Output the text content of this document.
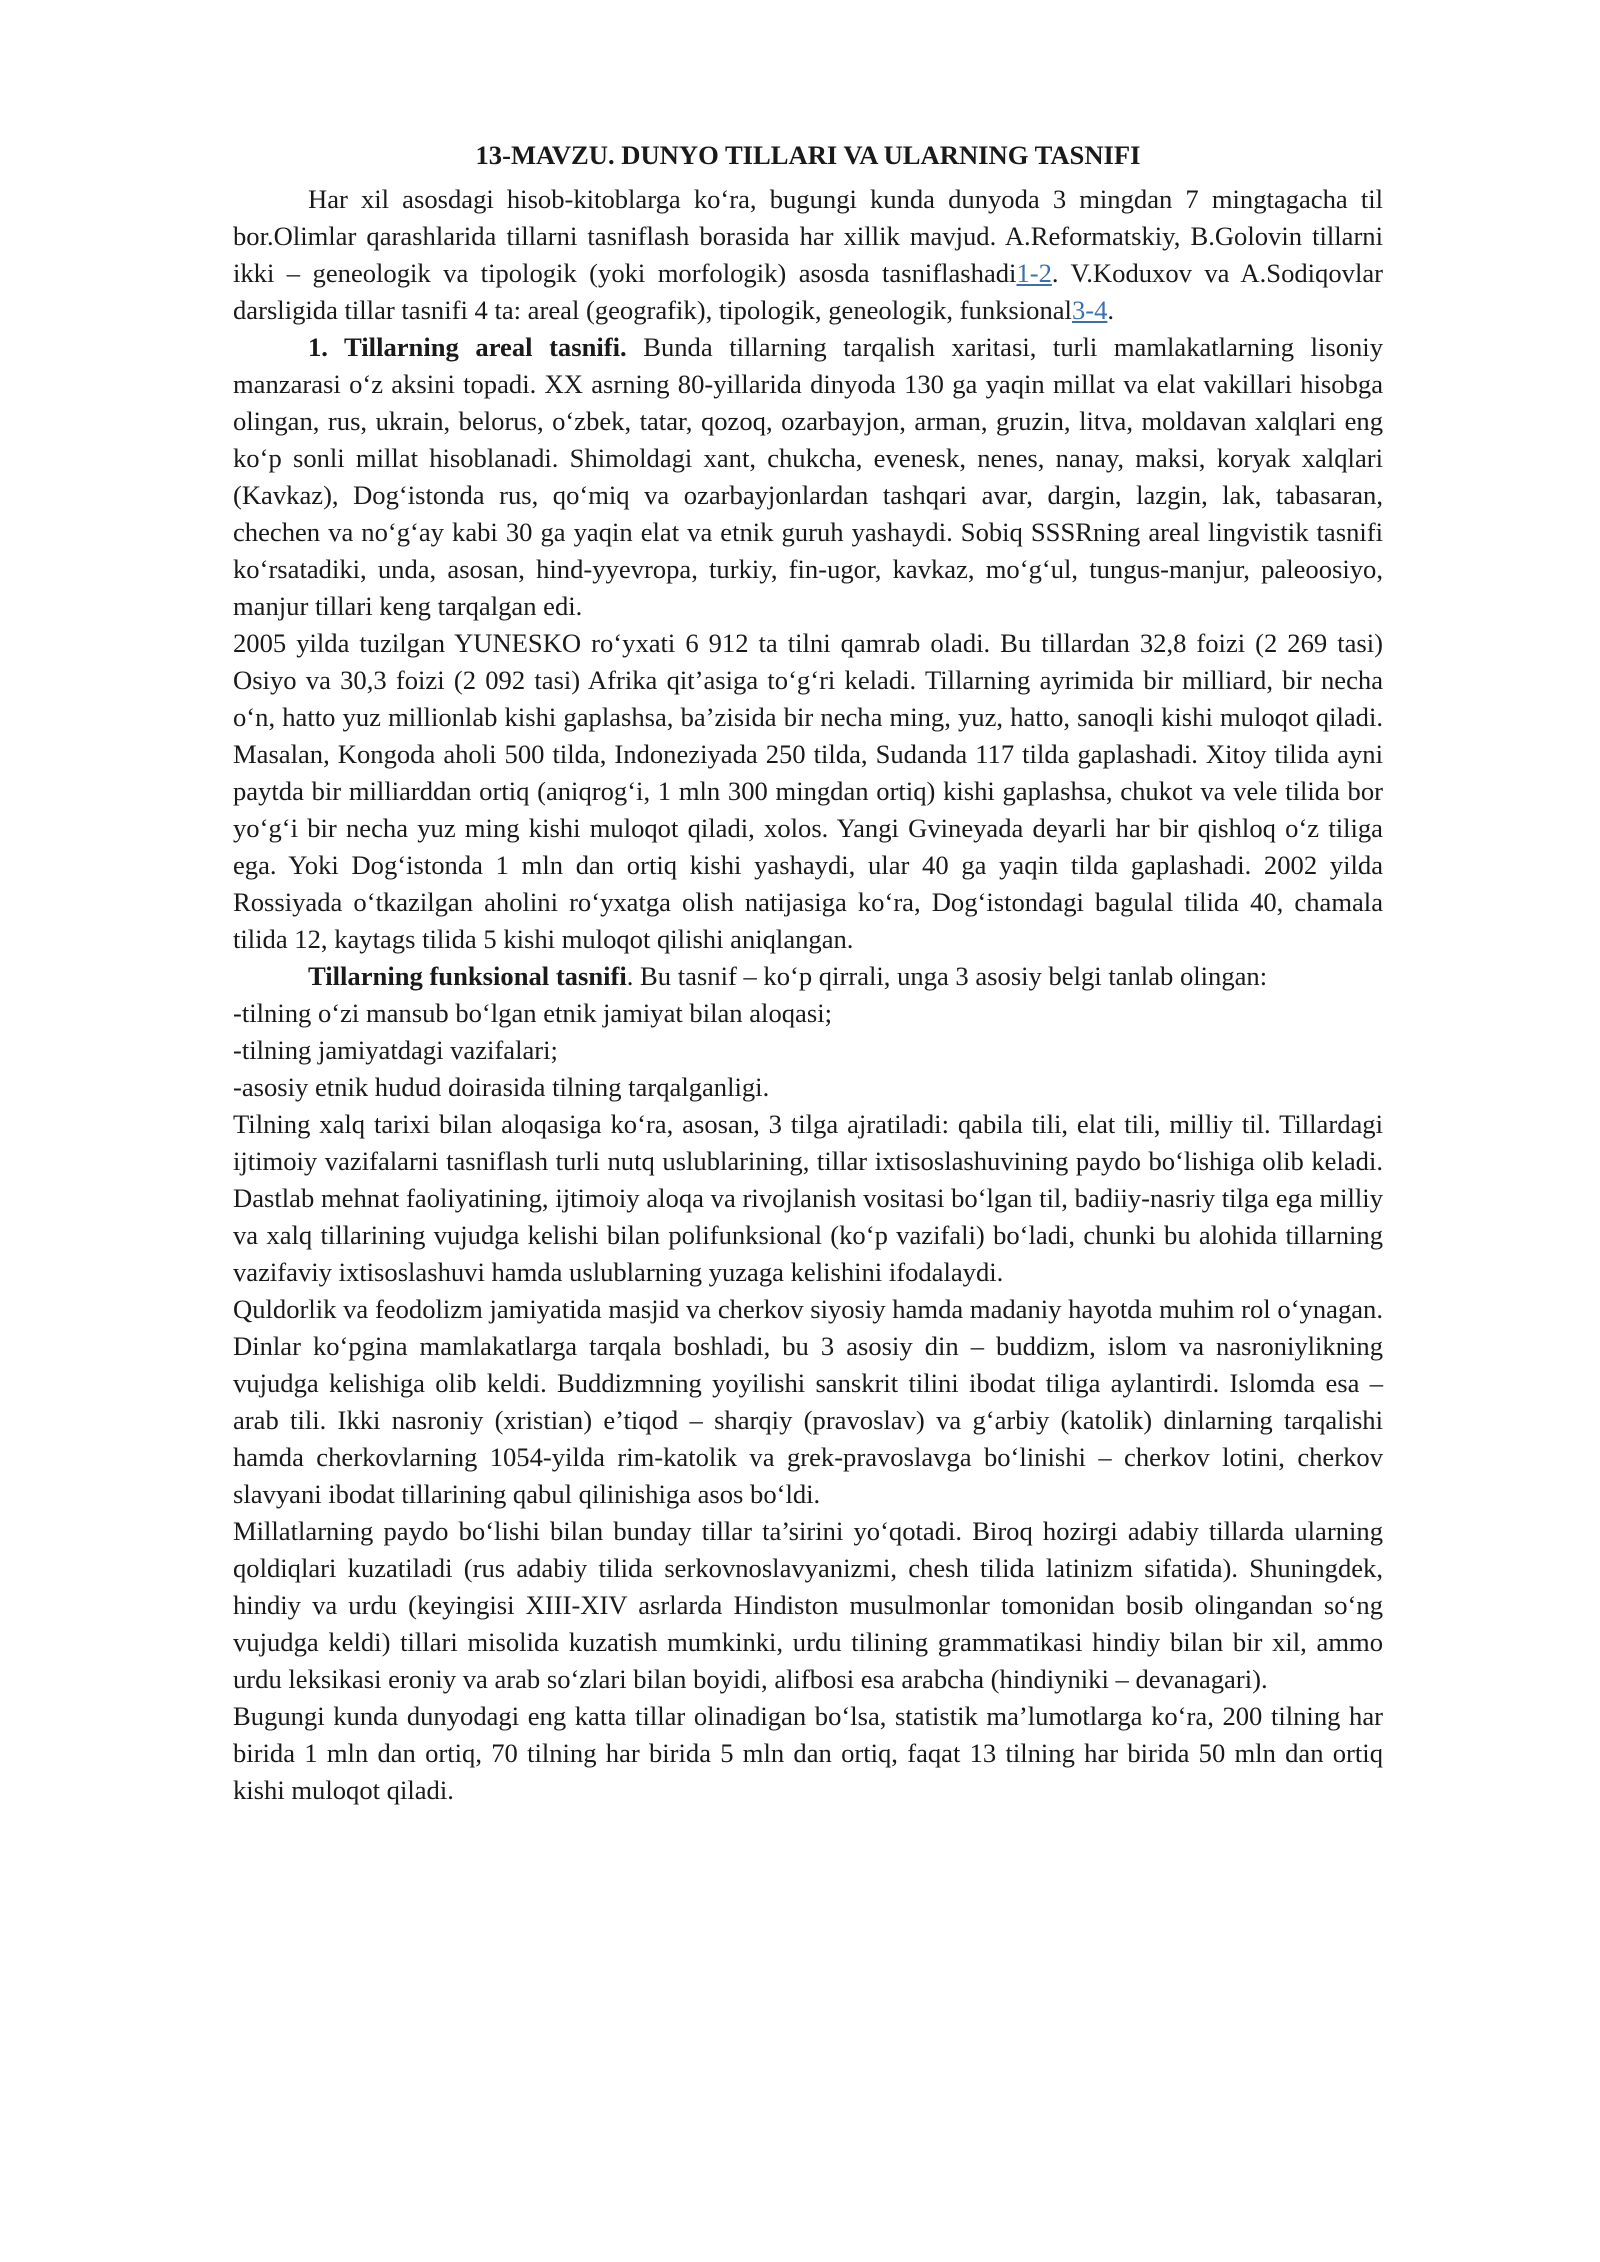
13-MAVZU. DUNYO TILLARI VA ULARNING TASNIFI

Har xil asosdagi hisob-kitoblarga ko‘ra, bugungi kunda dunyoda 3 mingdan 7 mingtagacha til bor.Olimlar qarashlarida tillarni tasniflash borasida har xillik mavjud. A.Reformatskiy, B.Golovin tillarni ikki – geneologik va tipologik (yoki morfologik) asosda tasniflashadi1-2. V.Koduxov va A.Sodiqovlar darsligida tillar tasnifi 4 ta: areal (geografik), tipologik, geneologik, funksional3-4.

1. Tillarning areal tasnifi. Bunda tillarning tarqalish xaritasi, turli mamlakatlarning lisoniy manzarasi o‘z aksini topadi. XX asrning 80-yillarida dinyoda 130 ga yaqin millat va elat vakillari hisobga olingan, rus, ukrain, belorus, o‘zbek, tatar, qozoq, ozarbayjon, arman, gruzin, litva, moldavan xalqlari eng ko‘p sonli millat hisoblanadi. Shimoldagi xant, chukcha, evenesk, nenes, nanay, maksi, koryak xalqlari (Kavkaz), Dog‘istonda rus, qo‘miq va ozarbayjonlardan tashqari avar, dargin, lazgin, lak, tabasaran, chechen va no‘g‘ay kabi 30 ga yaqin elat va etnik guruh yashaydi. Sobiq SSSRning areal lingvistik tasnifi ko‘rsatadiki, unda, asosan, hind-yyevropa, turkiy, fin-ugor, kavkaz, mo‘g‘ul, tungus-manjur, paleoosiyo, manjur tillari keng tarqalgan edi.

2005 yilda tuzilgan YUNESKO ro‘yxati 6 912 ta tilni qamrab oladi. Bu tillardan 32,8 foizi (2 269 tasi) Osiyo va 30,3 foizi (2 092 tasi) Afrika qit’asiga to‘g‘ri keladi. Tillarning ayrimida bir milliard, bir necha o‘n, hatto yuz millionlab kishi gaplashsa, ba’zisida bir necha ming, yuz, hatto, sanoqli kishi muloqot qiladi. Masalan, Kongoda aholi 500 tilda, Indoneziyada 250 tilda, Sudanda 117 tilda gaplashadi. Xitoy tilida ayni paytda bir milliarddan ortiq (aniqrog‘i, 1 mln 300 mingdan ortiq) kishi gaplashsa, chukot va vele tilida bor yo‘g‘i bir necha yuz ming kishi muloqot qiladi, xolos. Yangi Gvineyada deyarli har bir qishloq o‘z tiliga ega. Yoki Dog‘istonda 1 mln dan ortiq kishi yashaydi, ular 40 ga yaqin tilda gaplashadi. 2002 yilda Rossiyada o‘tkazilgan aholini ro‘yxatga olish natijasiga ko‘ra, Dog‘istondagi bagulal tilida 40, chamala tilida 12, kaytags tilida 5 kishi muloqot qilishi aniqlangan.

Tillarning funksional tasnifi. Bu tasnif – ko‘p qirrali, unga 3 asosiy belgi tanlab olingan:

-tilning o‘zi mansub bo‘lgan etnik jamiyat bilan aloqasi;

-tilning jamiyatdagi vazifalari;

-asosiy etnik hudud doirasida tilning tarqalganligi.

Tilning xalq tarixi bilan aloqasiga ko‘ra, asosan, 3 tilga ajratiladi: qabila tili, elat tili, milliy til. Tillardagi ijtimoiy vazifalarni tasniflash turli nutq uslublarining, tillar ixtisoslashuvining paydo bo‘lishiga olib keladi. Dastlab mehnat faoliyatining, ijtimoiy aloqa va rivojlanish vositasi bo‘lgan til, badiiy-nasriy tilga ega milliy va xalq tillarining vujudga kelishi bilan polifunksional (ko‘p vazifali) bo‘ladi, chunki bu alohida tillarning vazifaviy ixtisoslashuvi hamda uslublarning yuzaga kelishini ifodalaydi.

Quldorlik va feodolizm jamiyatida masjid va cherkov siyosiy hamda madaniy hayotda muhim rol o‘ynagan. Dinlar ko‘pgina mamlakatlarga tarqala boshladi, bu 3 asosiy din – buddizm, islom va nasroniylikning vujudga kelishiga olib keldi. Buddizmning yoyilishi sanskrit tilini ibodat tiliga aylantirdi. Islomda esa – arab tili. Ikki nasroniy (xristian) e’tiqod – sharqiy (pravoslav) va g‘arbiy (katolik) dinlarning tarqalishi hamda cherkovlarning 1054-yilda rim-katolik va grek-pravoslavga bo‘linishi – cherkov lotini, cherkov slavyani ibodat tillarining qabul qilinishiga asos bo‘ldi.

Millatlarning paydo bo‘lishi bilan bunday tillar ta’sirini yo‘qotadi. Biroq hozirgi adabiy tillarda ularning qoldiqlari kuzatiladi (rus adabiy tilida serkovnoslavyanizmi, chesh tilida latinizm sifatida). Shuningdek, hindiy va urdu (keyingisi XIII-XIV asrlarda Hindiston musulmonlar tomonidan bosib olingandan so‘ng vujudga keldi) tillari misolida kuzatish mumkinki, urdu tilining grammatikasi hindiy bilan bir xil, ammo urdu leksikasi eroniy va arab so‘zlari bilan boyidi, alifbosi esa arabcha (hindiyniki – devanagari).

Bugungi kunda dunyodagi eng katta tillar olinadigan bo‘lsa, statistik ma’lumotlarga ko‘ra, 200 tilning har birida 1 mln dan ortiq, 70 tilning har birida 5 mln dan ortiq, faqat 13 tilning har birida 50 mln dan ortiq kishi muloqot qiladi.
